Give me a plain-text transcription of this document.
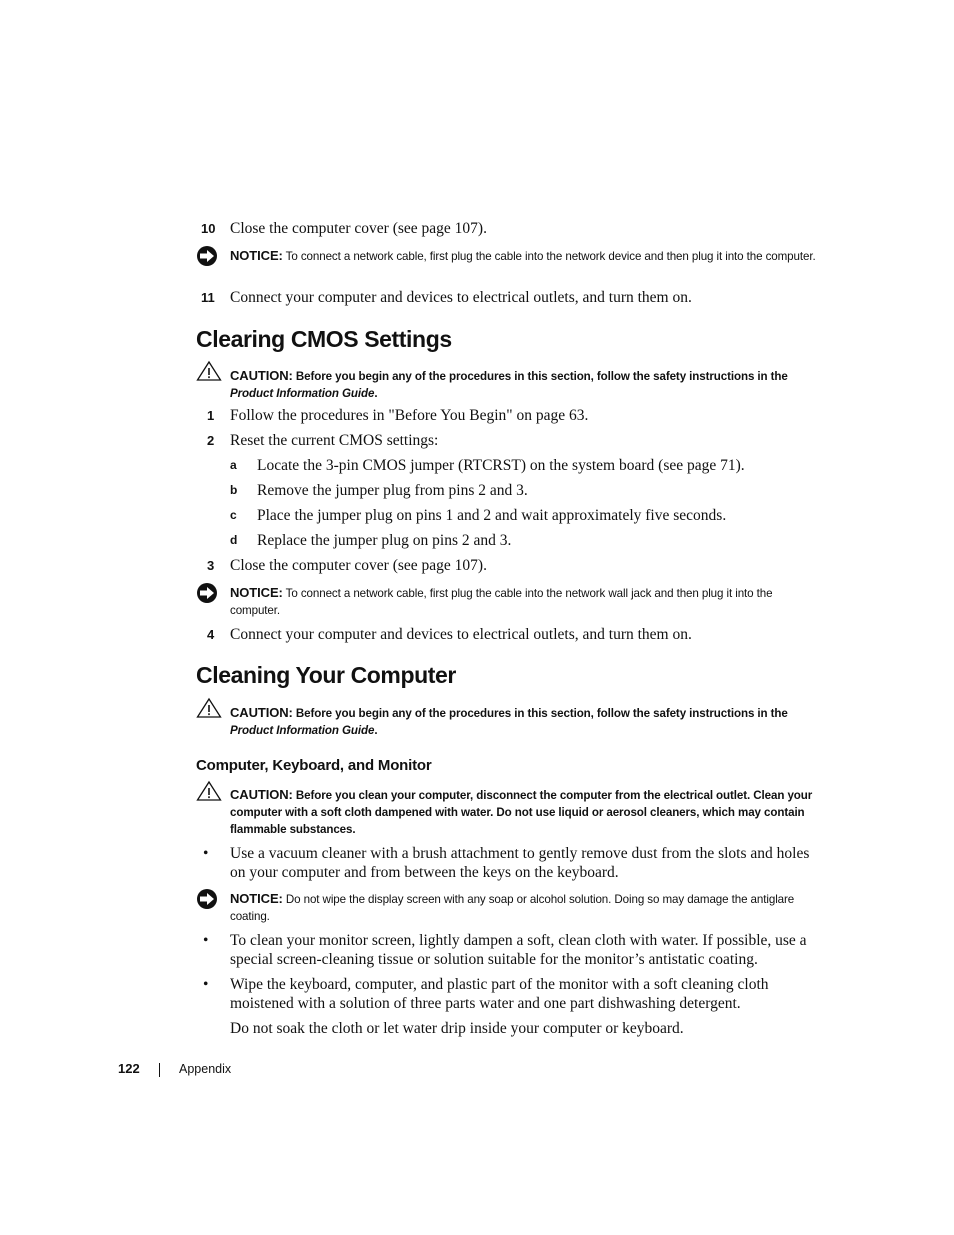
10 Close the computer cover (see page 107).
NOTICE: To connect a network cable, first plug the cable into the network device and then plug it into the computer.
11 Connect your computer and devices to electrical outlets, and turn them on.
Clearing CMOS Settings
CAUTION: Before you begin any of the procedures in this section, follow the safety instructions in the Product Information Guide.
1 Follow the procedures in "Before You Begin" on page 63.
2 Reset the current CMOS settings:
a Locate the 3-pin CMOS jumper (RTCRST) on the system board (see page 71).
b Remove the jumper plug from pins 2 and 3.
c Place the jumper plug on pins 1 and 2 and wait approximately five seconds.
d Replace the jumper plug on pins 2 and 3.
3 Close the computer cover (see page 107).
NOTICE: To connect a network cable, first plug the cable into the network wall jack and then plug it into the computer.
4 Connect your computer and devices to electrical outlets, and turn them on.
Cleaning Your Computer
CAUTION: Before you begin any of the procedures in this section, follow the safety instructions in the Product Information Guide.
Computer, Keyboard, and Monitor
CAUTION: Before you clean your computer, disconnect the computer from the electrical outlet. Clean your computer with a soft cloth dampened with water. Do not use liquid or aerosol cleaners, which may contain flammable substances.
• Use a vacuum cleaner with a brush attachment to gently remove dust from the slots and holes
on your computer and from between the keys on the keyboard.
NOTICE: Do not wipe the display screen with any soap or alcohol solution. Doing so may damage the antiglare coating.
• To clean your monitor screen, lightly dampen a soft, clean cloth with water. If possible, use a
special screen-cleaning tissue or solution suitable for the monitor’s antistatic coating.
• Wipe the keyboard, computer, and plastic part of the monitor with a soft cleaning cloth
moistened with a solution of three parts water and one part dishwashing detergent.
Do not soak the cloth or let water drip inside your computer or keyboard.
122	Appendix
